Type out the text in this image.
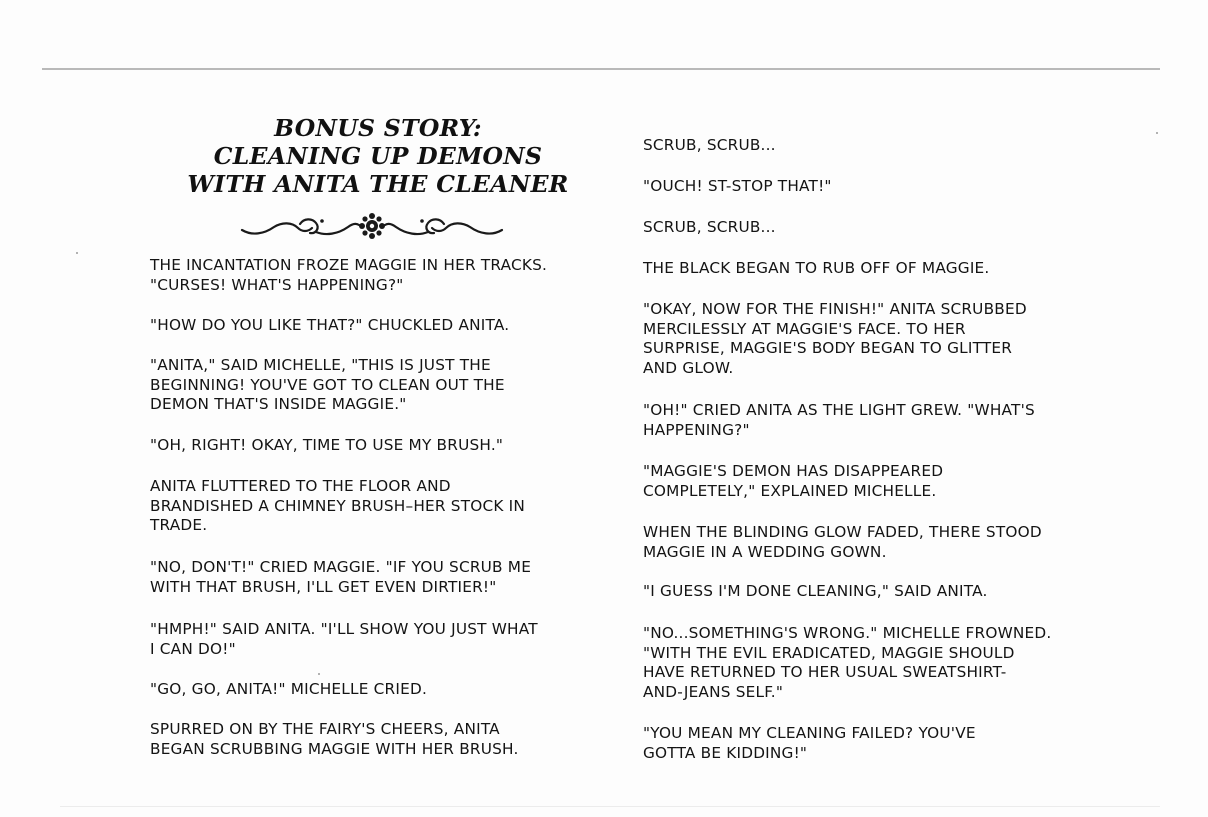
BONUS STORY:
CLEANING UP DEMONS
WITH ANITA THE CLEANER

THE INCANTATION FROZE MAGGIE IN HER TRACKS.
"CURSES! WHAT'S HAPPENING?"

"HOW DO YOU LIKE THAT?" CHUCKLED ANITA.

"ANITA," SAID MICHELLE, "THIS IS JUST THE
BEGINNING! YOU'VE GOT TO CLEAN OUT THE
DEMON THAT'S INSIDE MAGGIE."

"OH, RIGHT! OKAY, TIME TO USE MY BRUSH."

ANITA FLUTTERED TO THE FLOOR AND
BRANDISHED A CHIMNEY BRUSH–HER STOCK IN
TRADE.

"NO, DON'T!" CRIED MAGGIE. "IF YOU SCRUB ME
WITH THAT BRUSH, I'LL GET EVEN DIRTIER!"

"HMPH!" SAID ANITA. "I'LL SHOW YOU JUST WHAT
I CAN DO!"

"GO, GO, ANITA!" MICHELLE CRIED.

SPURRED ON BY THE FAIRY'S CHEERS, ANITA
BEGAN SCRUBBING MAGGIE WITH HER BRUSH.

SCRUB, SCRUB...

"OUCH! ST-STOP THAT!"

SCRUB, SCRUB...

THE BLACK BEGAN TO RUB OFF OF MAGGIE.

"OKAY, NOW FOR THE FINISH!" ANITA SCRUBBED
MERCILESSLY AT MAGGIE'S FACE. TO HER
SURPRISE, MAGGIE'S BODY BEGAN TO GLITTER
AND GLOW.

"OH!" CRIED ANITA AS THE LIGHT GREW. "WHAT'S
HAPPENING?"

"MAGGIE'S DEMON HAS DISAPPEARED
COMPLETELY," EXPLAINED MICHELLE.

WHEN THE BLINDING GLOW FADED, THERE STOOD
MAGGIE IN A WEDDING GOWN.

"I GUESS I'M DONE CLEANING," SAID ANITA.

"NO...SOMETHING'S WRONG." MICHELLE FROWNED.
"WITH THE EVIL ERADICATED, MAGGIE SHOULD
HAVE RETURNED TO HER USUAL SWEATSHIRT-
AND-JEANS SELF."

"YOU MEAN MY CLEANING FAILED? YOU'VE
GOTTA BE KIDDING!"
